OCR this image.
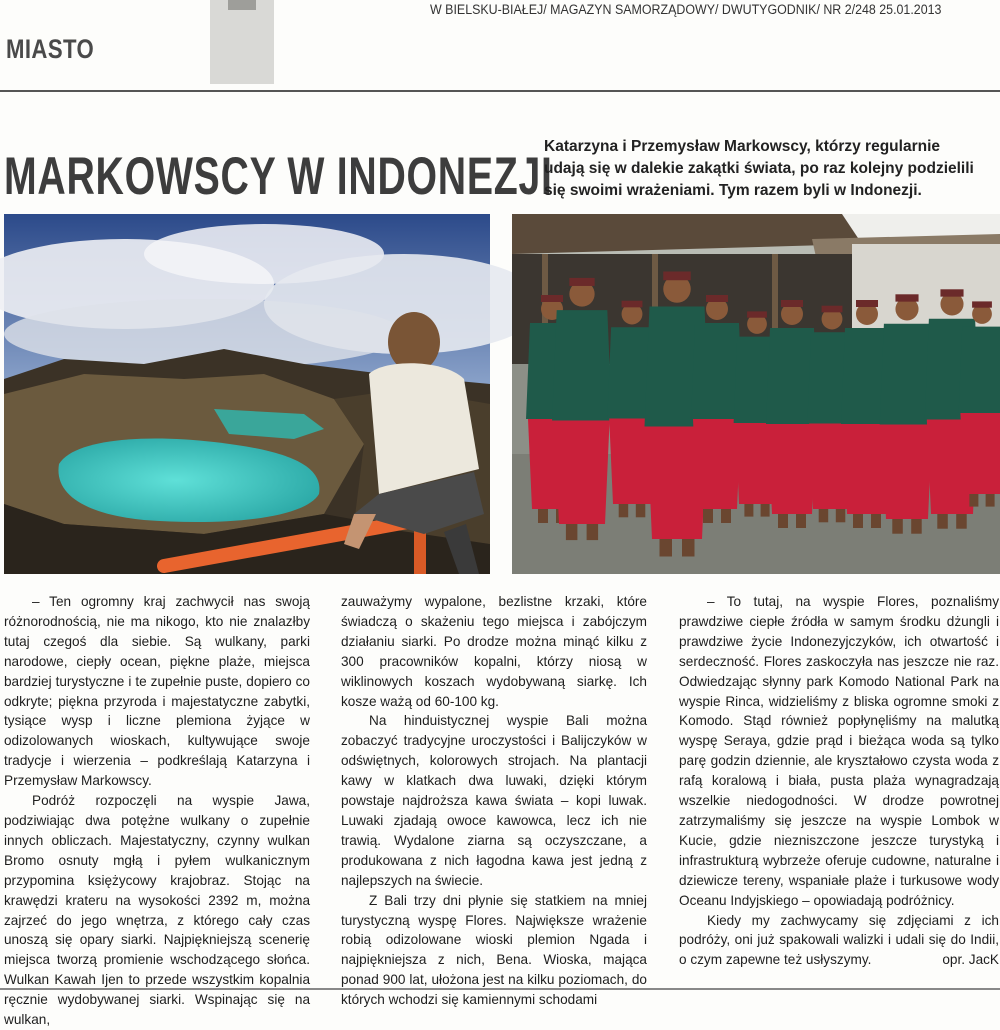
MIASTO
W BIELSKU-BIAŁEJ/ MAGAZYN SAMORZĄDOWY/ DWUTYGODNIK/ NR 2/248 25.01.2013
MARKOWSCY W INDONEZJI
Katarzyna i Przemysław Markowscy, którzy regularnie udają się w dalekie zakątki świata, po raz kolejny podzielili się swoimi wrażeniami. Tym razem byli w Indonezji.

– Ten ogromny kraj zachwycił nas swoją różnorodnością, nie ma nikogo, kto nie znalazłby tutaj czegoś dla siebie. Są wulkany, parki narodowe, ciepły ocean, piękne plaże, miejsca bardziej turystyczne i te zupełnie puste, dopiero co odkryte; piękna przyroda i majestatyczne zabytki, tysiące wysp i liczne plemiona żyjące w odizolowanych wioskach, kultywujące swoje tradycje i wierzenia – podkreślają Katarzyna i Przemysław Markowscy.

Podróż rozpoczęli na wyspie Jawa, podziwiając dwa potężne wulkany o zupełnie innych obliczach. Majestatyczny, czynny wulkan Bromo osnuty mgłą i pyłem wulkanicznym przypomina księżycowy krajobraz. Stojąc na krawędzi krateru na wysokości 2392 m, można zajrzeć do jego wnętrza, z którego cały czas unoszą się opary siarki. Najpiękniejszą scenerię miejsca tworzą promienie wschodzącego słońca. Wulkan Kawah Ijen to przede wszystkim kopalnia ręcznie wydobywanej siarki. Wspinając się na wulkan,

zauważymy wypalone, bezlistne krzaki, które świadczą o skażeniu tego miejsca i zabójczym działaniu siarki. Po drodze można minąć kilku z 300 pracowników kopalni, którzy niosą w wiklinowych koszach wydobywaną siarkę. Ich kosze ważą od 60-100 kg.

Na hinduistycznej wyspie Bali można zobaczyć tradycyjne uroczystości i Balijczyków w odświętnych, kolorowych strojach. Na plantacji kawy w klatkach dwa luwaki, dzięki którym powstaje najdroższa kawa świata – kopi luwak. Luwaki zjadają owoce kawowca, lecz ich nie trawią. Wydalone ziarna są oczyszczane, a produkowana z nich łagodna kawa jest jedną z najlepszych na świecie.

Z Bali trzy dni płynie się statkiem na mniej turystyczną wyspę Flores. Największe wrażenie robią odizolowane wioski plemion Ngada i najpiękniejsza z nich, Bena. Wioska, mająca ponad 900 lat, ułożona jest na kilku poziomach, do których wchodzi się kamiennymi schodami

– To tutaj, na wyspie Flores, poznaliśmy prawdziwe ciepłe źródła w samym środku dżungli i prawdziwe życie Indonezyjczyków, ich otwartość i serdeczność. Flores zaskoczyła nas jeszcze nie raz. Odwiedzając słynny park Komodo National Park na wyspie Rinca, widzieliśmy z bliska ogromne smoki z Komodo. Stąd również popłynęliśmy na malutką wyspę Seraya, gdzie prąd i bieżąca woda są tylko parę godzin dziennie, ale kryształowo czysta woda z rafą koralową i biała, pusta plaża wynagradzają wszelkie niedogodności. W drodze powrotnej zatrzymaliśmy się jeszcze na wyspie Lombok w Kucie, gdzie niezniszczone jeszcze turystyką i infrastrukturą wybrzeże oferuje cudowne, naturalne i dziewicze tereny, wspaniałe plaże i turkusowe wody Oceanu Indyjskiego – opowiadają podróżnicy.

Kiedy my zachwycamy się zdjęciami z ich podróży, oni już spakowali walizki i udali się do Indii, o czym zapewne też usłyszymy.	opr. JacK
